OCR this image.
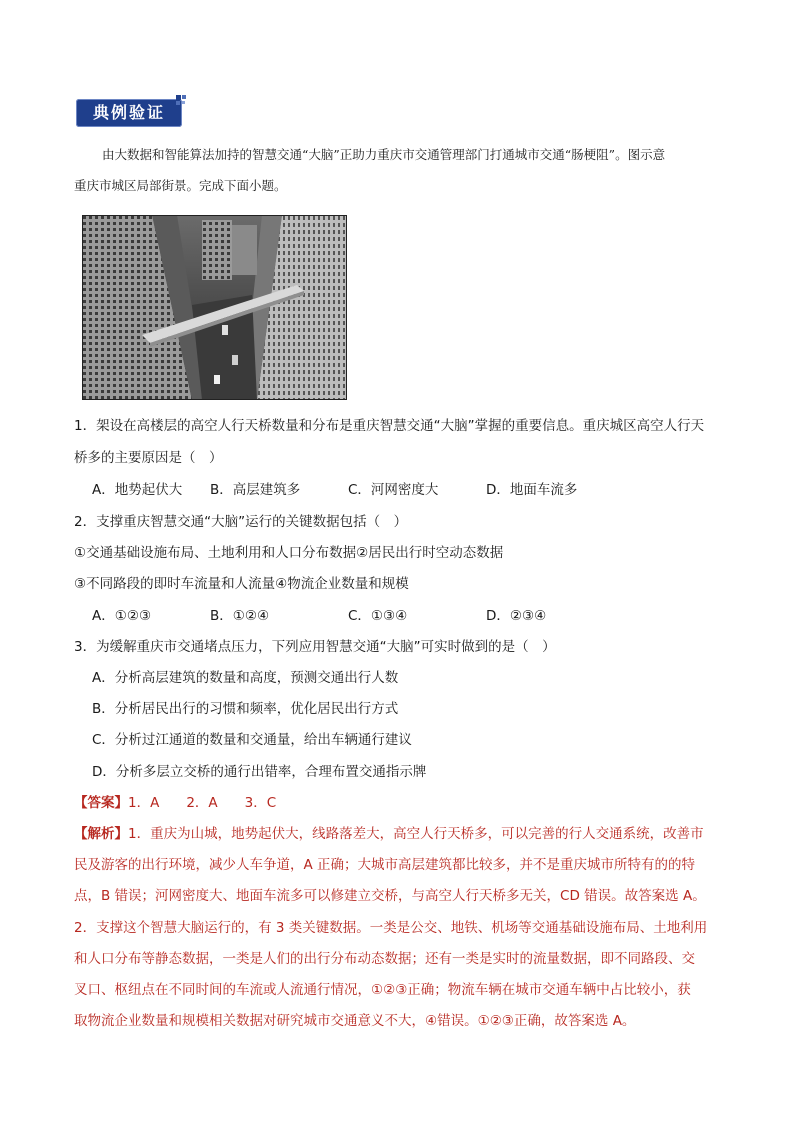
典例验证
由大数据和智能算法加持的智慧交通“大脑”正助力重庆市交通管理部门打通城市交通“肠梗阻”。图示意
重庆市城区局部街景。完成下面小题。
1．架设在高楼层的高空人行天桥数量和分布是重庆智慧交通“大脑”掌握的重要信息。重庆城区高空人行天
桥多的主要原因是（　）
A．地势起伏大 B．高层建筑多	C．河网密度大	D．地面车流多
2．支撑重庆智慧交通“大脑”运行的关键数据包括（　）
①交通基础设施布局、土地利用和人口分布数据②居民出行时空动态数据
③不同路段的即时车流量和人流量④物流企业数量和规模
A．①②③	B．①②④	C．①③④	D．②③④
3．为缓解重庆市交通堵点压力，下列应用智慧交通“大脑”可实时做到的是（　）
A．分析高层建筑的数量和高度，预测交通出行人数
B．分析居民出行的习惯和频率，优化居民出行方式
C．分析过江通道的数量和交通量，给出车辆通行建议
D．分析多层立交桥的通行出错率，合理布置交通指示牌
【答案】1．A　　2．A　　3．C
【解析】1．重庆为山城，地势起伏大，线路落差大，高空人行天桥多，可以完善的行人交通系统，改善市
民及游客的出行环境，减少人车争道，A 正确；大城市高层建筑都比较多，并不是重庆城市所特有的的特
点，B 错误；河网密度大、地面车流多可以修建立交桥，与高空人行天桥多无关，CD 错误。故答案选 A。
2．支撑这个智慧大脑运行的，有 3 类关键数据。一类是公交、地铁、机场等交通基础设施布局、土地利用
和人口分布等静态数据，一类是人们的出行分布动态数据；还有一类是实时的流量数据，即不同路段、交
叉口、枢纽点在不同时间的车流或人流通行情况，①②③正确；物流车辆在城市交通车辆中占比较小，获
取物流企业数量和规模相关数据对研究城市交通意义不大，④错误。①②③正确，故答案选 A。
